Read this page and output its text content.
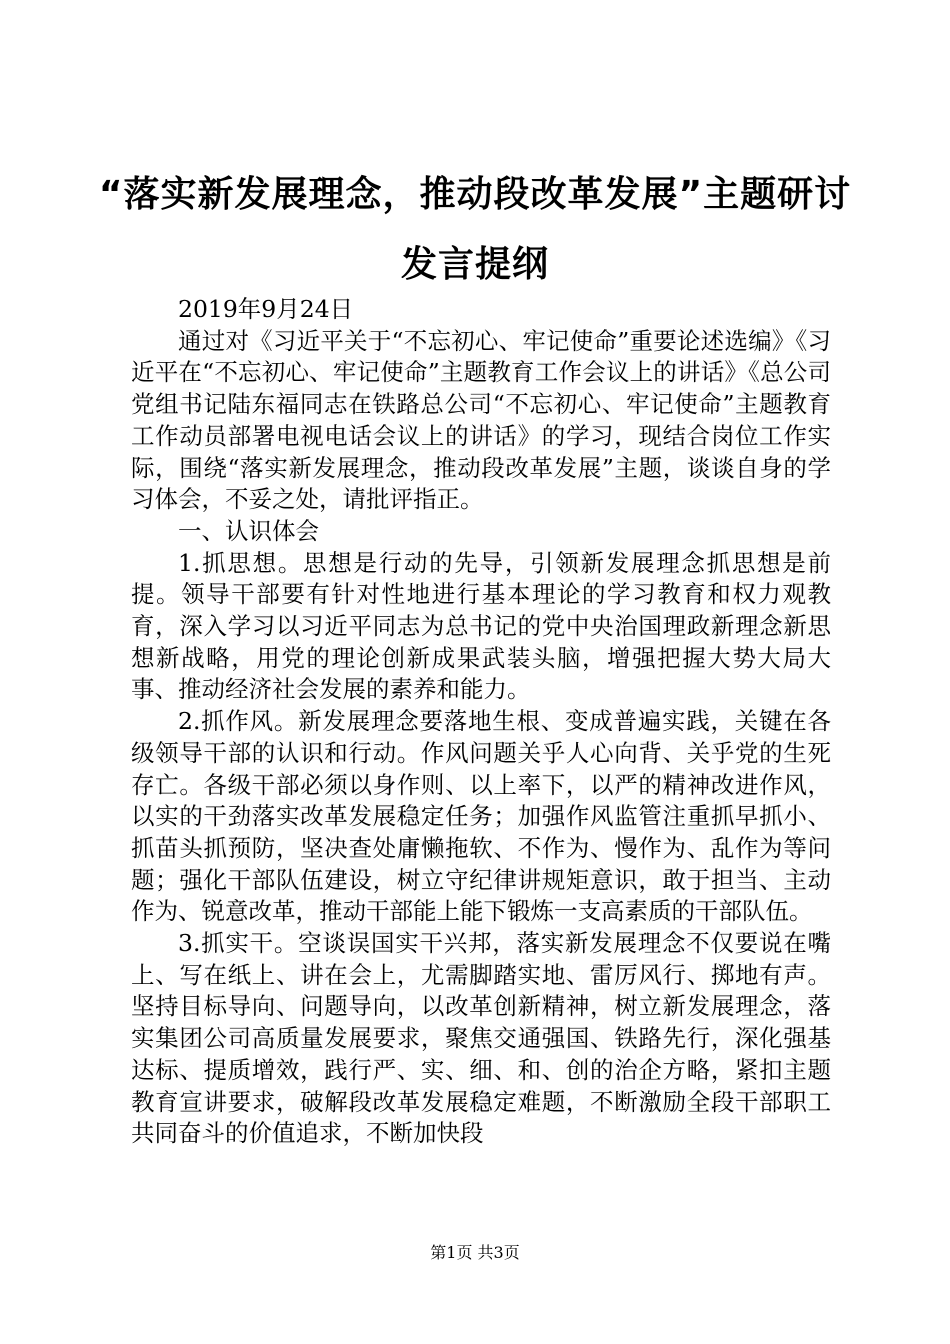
“落实新发展理念，推动段改革发展”主题研讨发言提纲

2019年9月24日

通过对《习近平关于“不忘初心、牢记使命”重要论述选编》《习近平在“不忘初心、牢记使命”主题教育工作会议上的讲话》《总公司党组书记陆东福同志在铁路总公司“不忘初心、牢记使命”主题教育工作动员部署电视电话会议上的讲话》的学习，现结合岗位工作实际，围绕“落实新发展理念，推动段改革发展”主题，谈谈自身的学习体会，不妥之处，请批评指正。

一、认识体会

1.抓思想。思想是行动的先导，引领新发展理念抓思想是前提。领导干部要有针对性地进行基本理论的学习教育和权力观教育，深入学习以习近平同志为总书记的党中央治国理政新理念新思想新战略，用党的理论创新成果武装头脑，增强把握大势大局大事、推动经济社会发展的素养和能力。

2.抓作风。新发展理念要落地生根、变成普遍实践，关键在各级领导干部的认识和行动。作风问题关乎人心向背、关乎党的生死存亡。各级干部必须以身作则、以上率下，以严的精神改进作风，以实的干劲落实改革发展稳定任务；加强作风监管注重抓早抓小、抓苗头抓预防，坚决查处庸懒拖软、不作为、慢作为、乱作为等问题；强化干部队伍建设，树立守纪律讲规矩意识，敢于担当、主动作为、锐意改革，推动干部能上能下锻炼一支高素质的干部队伍。

3.抓实干。空谈误国实干兴邦，落实新发展理念不仅要说在嘴上、写在纸上、讲在会上，尤需脚踏实地、雷厉风行、掷地有声。坚持目标导向、问题导向，以改革创新精神，树立新发展理念，落实集团公司高质量发展要求，聚焦交通强国、铁路先行，深化强基达标、提质增效，践行严、实、细、和、创的治企方略，紧扣主题教育宣讲要求，破解段改革发展稳定难题，不断激励全段干部职工共同奋斗的价值追求，不断加快段

第1页 共3页
